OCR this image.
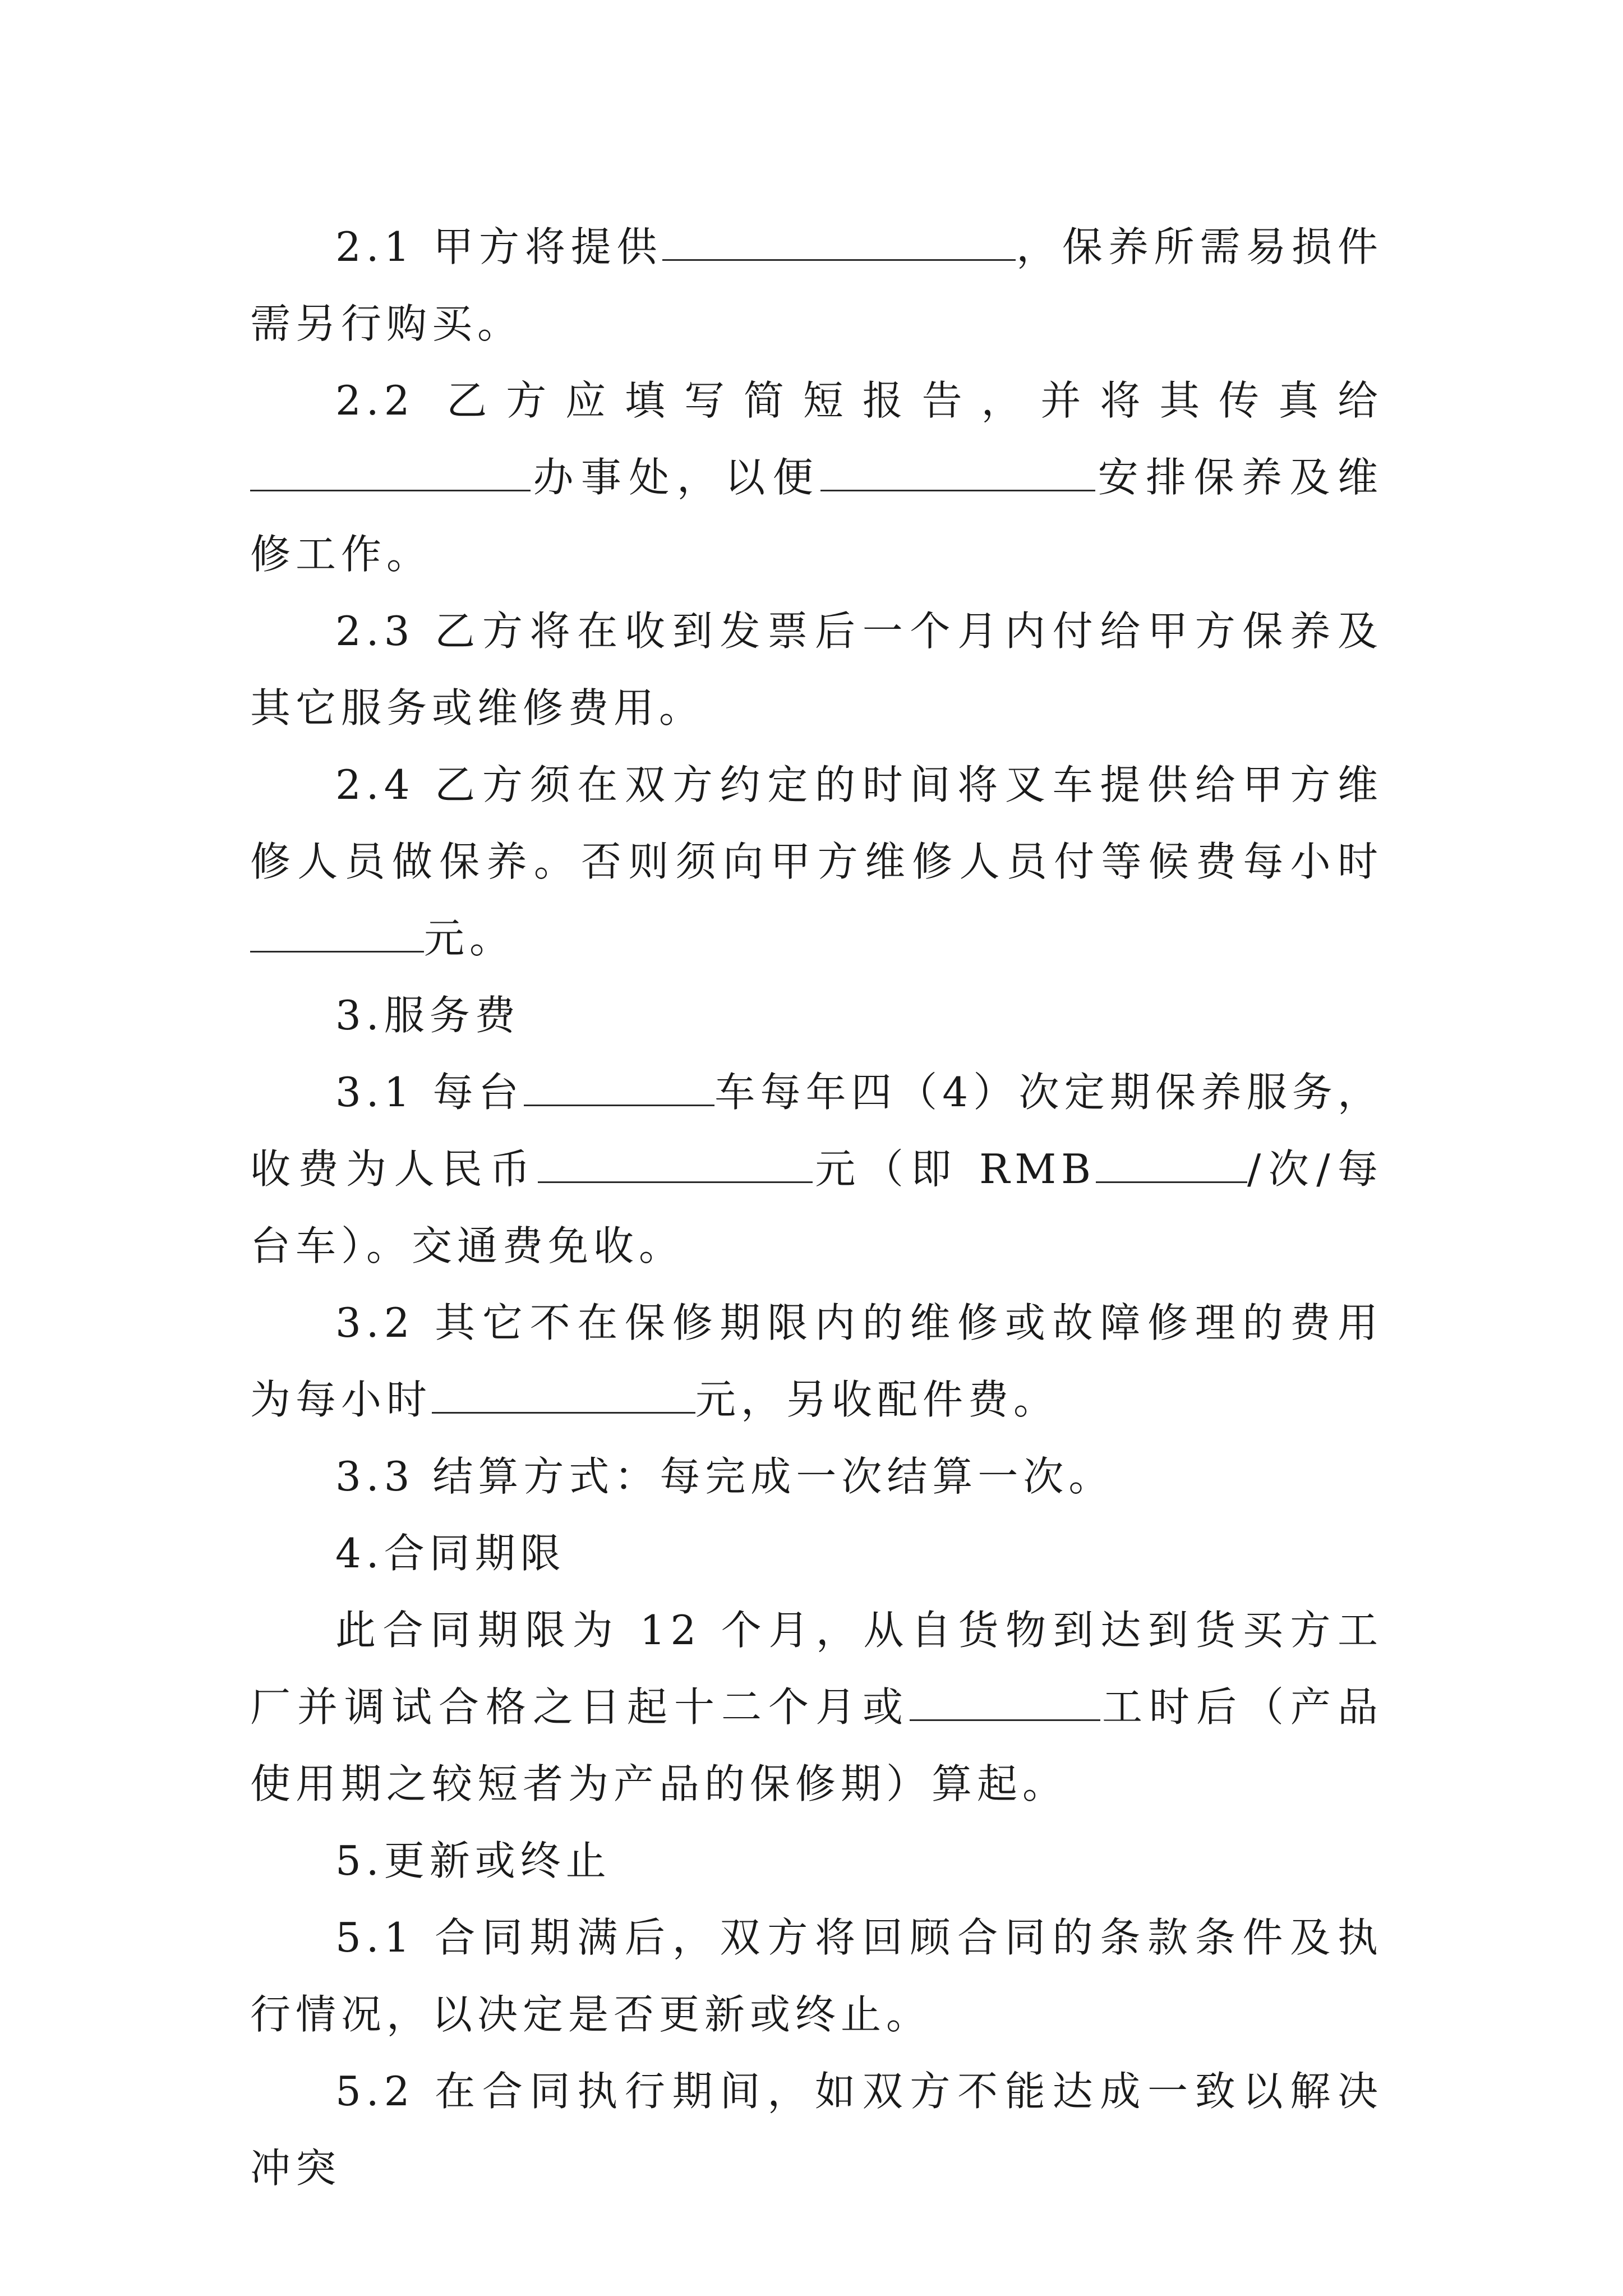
2.1 甲方将提供	，保养所需易损件需另行购买。

2.2 乙方应填写简短报告，并将其传真给办事处，以便	安排保养及维修工作。

2.3 乙方将在收到发票后一个月内付给甲方保养及其它服务或维修费用。

2.4 乙方须在双方约定的时间将叉车提供给甲方维修人员做保养。否则须向甲方维修人员付等候费每小时元。

3.服务费

3.1 每台	车每年四（4）次定期保养服务，收费为人民币	元（即 RMB	/次/每台车）。交通费免收。

3.2 其它不在保修期限内的维修或故障修理的费用为每小时	元，另收配件费。

3.3 结算方式：每完成一次结算一次。

4.合同期限

此合同期限为 12 个月，从自货物到达到货买方工厂并调试合格之日起十二个月或	工时后（产品使用期之较短者为产品的保修期）算起。

5.更新或终止

5.1 合同期满后，双方将回顾合同的条款条件及执行情况，以决定是否更新或终止。

5.2 在合同执行期间，如双方不能达成一致以解决冲突
